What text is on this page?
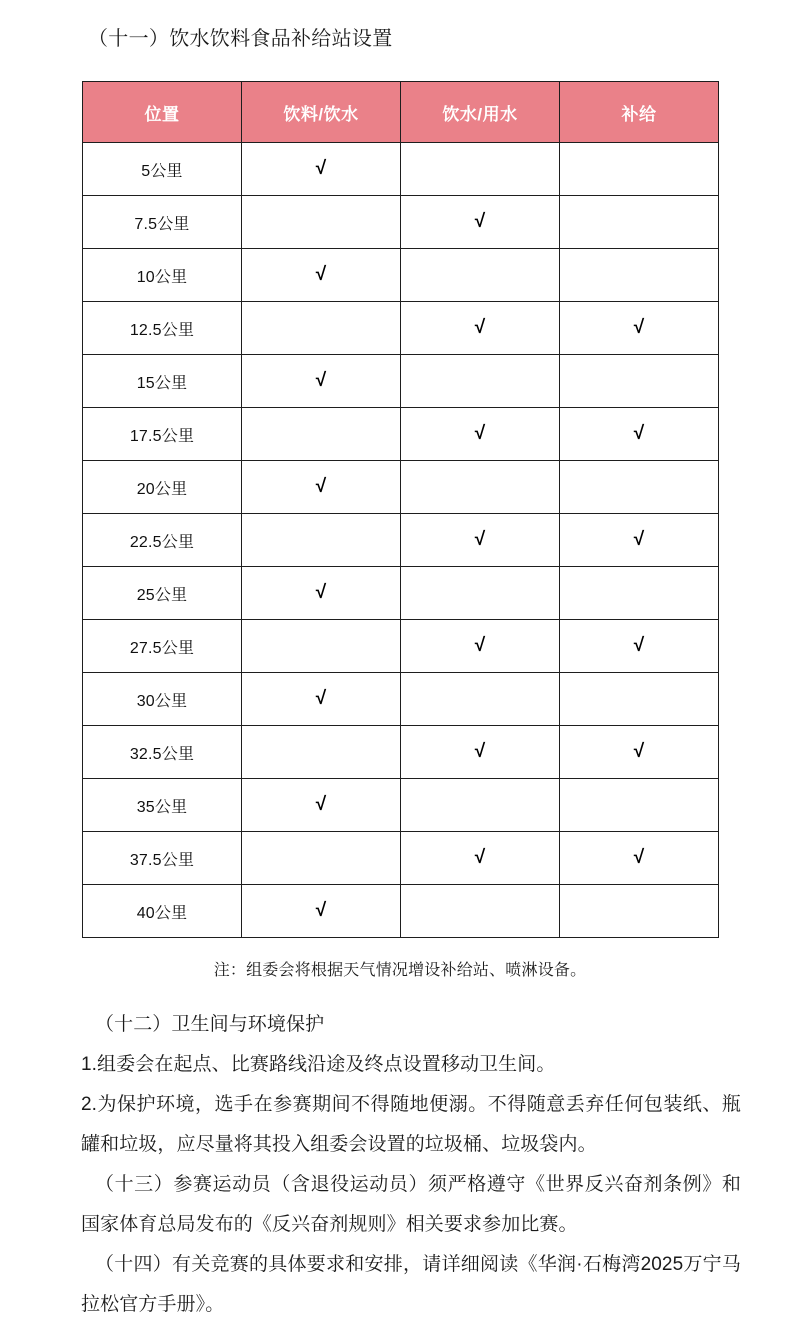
（十一）饮水饮料食品补给站设置
位置	饮料/饮水	饮水/用水	补给
5公里	√		
7.5公里		√	
10公里	√		
12.5公里		√	√
15公里	√		
17.5公里		√	√
20公里	√		
22.5公里		√	√
25公里	√		
27.5公里		√	√
30公里	√		
32.5公里		√	√
35公里	√		
37.5公里		√	√
40公里	√		
注：组委会将根据天气情况增设补给站、喷淋设备。

（十二）卫生间与环境保护

1.组委会在起点、比赛路线沿途及终点设置移动卫生间。

2.为保护环境，选手在参赛期间不得随地便溺。不得随意丢弃任何包装纸、瓶罐和垃圾，应尽量将其投入组委会设置的垃圾桶、垃圾袋内。

（十三）参赛运动员（含退役运动员）须严格遵守《世界反兴奋剂条例》和国家体育总局发布的《反兴奋剂规则》相关要求参加比赛。

（十四）有关竞赛的具体要求和安排，请详细阅读《华润·石梅湾2025万宁马拉松官方手册》。
